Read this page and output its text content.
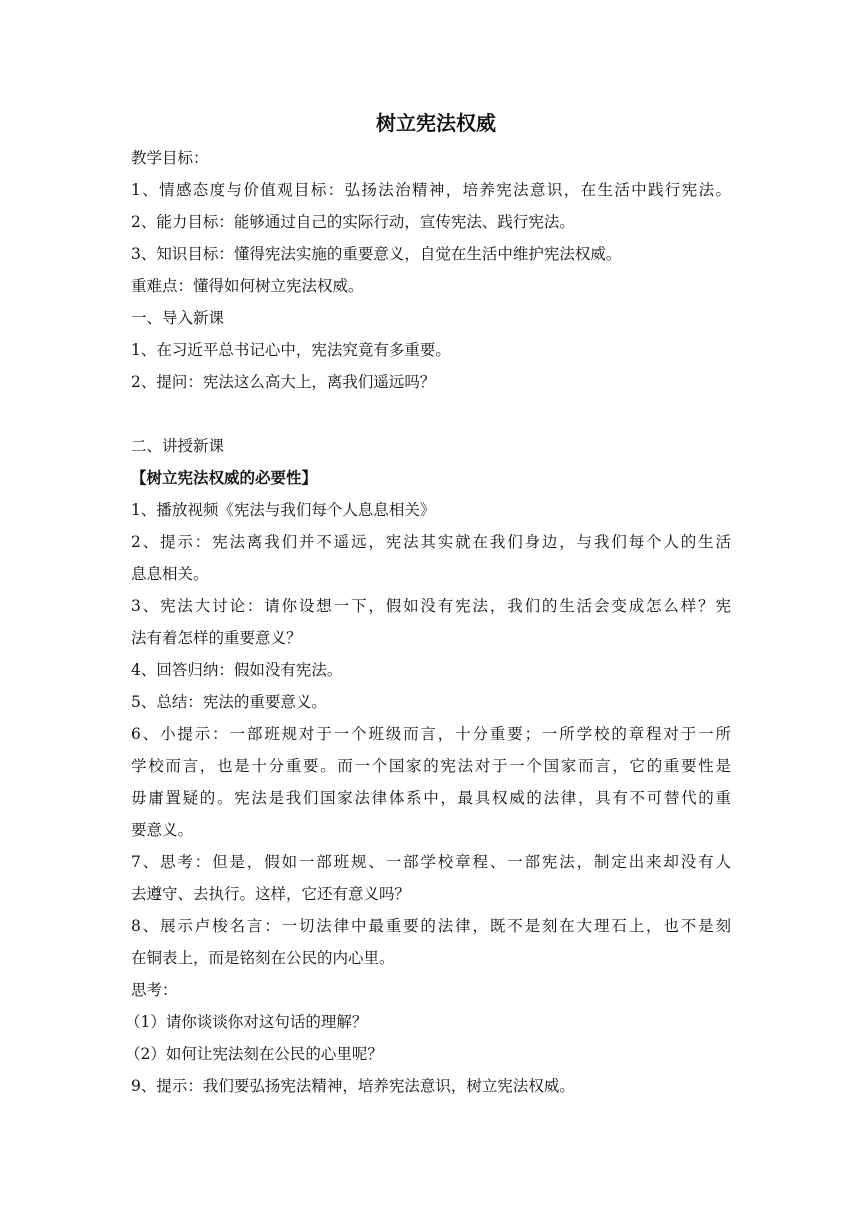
树立宪法权威

教学目标：

1、情感态度与价值观目标：弘扬法治精神，培养宪法意识，在生活中践行宪法。

2、能力目标：能够通过自己的实际行动，宣传宪法、践行宪法。

3、知识目标：懂得宪法实施的重要意义，自觉在生活中维护宪法权威。

重难点：懂得如何树立宪法权威。

一、导入新课

1、在习近平总书记心中，宪法究竟有多重要。

2、提问：宪法这么高大上，离我们遥远吗？

二、讲授新课

【树立宪法权威的必要性】

1、播放视频《宪法与我们每个人息息相关》

2、提示：宪法离我们并不遥远，宪法其实就在我们身边，与我们每个人的生活

息息相关。

3、宪法大讨论：请你设想一下，假如没有宪法，我们的生活会变成怎么样？宪

法有着怎样的重要意义？

4、回答归纳：假如没有宪法。

5、总结：宪法的重要意义。

6、小提示：一部班规对于一个班级而言，十分重要；一所学校的章程对于一所

学校而言，也是十分重要。而一个国家的宪法对于一个国家而言，它的重要性是

毋庸置疑的。宪法是我们国家法律体系中，最具权威的法律，具有不可替代的重

要意义。

7、思考：但是，假如一部班规、一部学校章程、一部宪法，制定出来却没有人

去遵守、去执行。这样，它还有意义吗？

8、展示卢梭名言：一切法律中最重要的法律，既不是刻在大理石上，也不是刻

在铜表上，而是铭刻在公民的内心里。

思考：

（1）请你谈谈你对这句话的理解？

（2）如何让宪法刻在公民的心里呢？

9、提示：我们要弘扬宪法精神，培养宪法意识，树立宪法权威。
